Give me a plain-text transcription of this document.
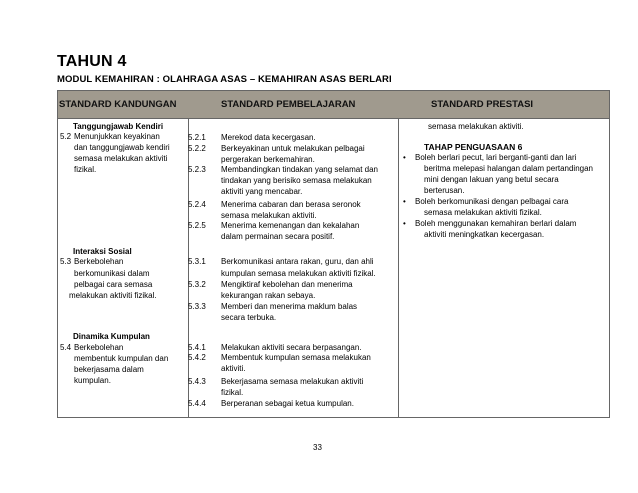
TAHUN 4
MODUL KEMAHIRAN : OLAHRAGA ASAS – KEMAHIRAN ASAS BERLARI
STANDARD KANDUNGAN	STANDARD PEMBELAJARAN	STANDARD PRESTASI
Tanggungjawab Kendiri
5.2 Menunjukkan keyakinan
dan tanggungjawab kendiri
semasa melakukan aktiviti
fizikal.
Interaksi Sosial
5.3 Berkebolehan
berkomunikasi dalam
pelbagai cara semasa
melakukan aktiviti fizikal.
Dinamika Kumpulan
5.4 Berkebolehan
membentuk kumpulan dan
bekerjasama dalam
kumpulan.
5.2.1 Merekod data kecergasan.
5.2.2 Berkeyakinan untuk melakukan pelbagai
pergerakan berkemahiran.
5.2.3 Membandingkan tindakan yang selamat dan
tindakan yang berisiko semasa melakukan
aktiviti yang mencabar.
5.2.4 Menerima cabaran dan berasa seronok
semasa melakukan aktiviti.
5.2.5 Menerima kemenangan dan kekalahan
dalam permainan secara positif.
5.3.1 Berkomunikasi antara rakan, guru, dan ahli
kumpulan semasa melakukan aktiviti fizikal.
5.3.2 Mengiktiraf kebolehan dan menerima
kekurangan rakan sebaya.
5.3.3 Memberi dan menerima maklum balas
secara terbuka.
5.4.1 Melakukan aktiviti secara berpasangan.
5.4.2 Membentuk kumpulan semasa melakukan
aktiviti.
5.4.3 Bekerjasama semasa melakukan aktiviti
fizikal.
5.4.4 Berperanan sebagai ketua kumpulan.
semasa melakukan aktiviti.
TAHAP PENGUASAAN 6
• Boleh berlari pecut, lari berganti-ganti dan lari
beritma melepasi halangan dalam pertandingan
mini dengan lakuan yang betul secara
berterusan.
• Boleh berkomunikasi dengan pelbagai cara
semasa melakukan aktiviti fizikal.
• Boleh menggunakan kemahiran berlari dalam
aktiviti meningkatkan kecergasan.
33
